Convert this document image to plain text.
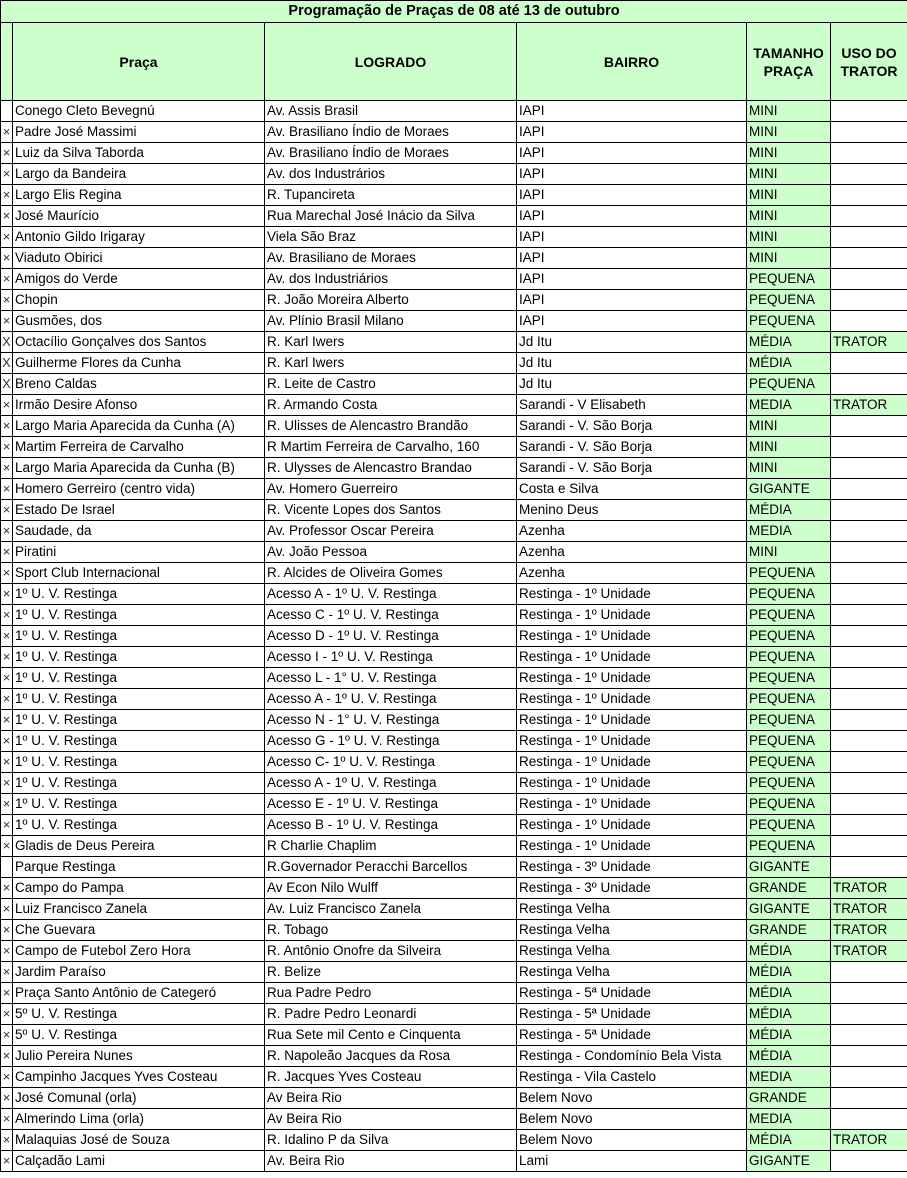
Programação de Praças de 08 até 13 de outubro					
	Praça	LOGRADO	BAIRRO	TAMANHO PRAÇA	USO DO TRATOR
	Conego Cleto Bevegnú	Av. Assis Brasil	IAPI	MINI	
×	Padre José Massimi	Av. Brasiliano Índio de Moraes	IAPI	MINI	
×	Luiz da Silva Taborda	Av. Brasiliano Índio de Moraes	IAPI	MINI	
×	Largo da Bandeira	Av. dos Industrários	IAPI	MINI	
×	Largo Elis Regina	R. Tupancireta	IAPI	MINI	
×	José Maurício	Rua Marechal José Inácio da Silva	IAPI	MINI	
×	Antonio Gildo Irigaray	Viela São Braz	IAPI	MINI	
×	Viaduto Obirici	Av. Brasiliano de Moraes	IAPI	MINI	
×	Amigos do Verde	Av. dos Industriários	IAPI	PEQUENA	
×	Chopin	R. João Moreira Alberto	IAPI	PEQUENA	
×	Gusmões, dos	Av. Plínio Brasil Milano	IAPI	PEQUENA	
X	Octacílio Gonçalves dos Santos	R. Karl Iwers	Jd Itu	MÉDIA	TRATOR
X	Guilherme Flores da Cunha	R. Karl Iwers	Jd Itu	MÉDIA	
X	Breno Caldas	R. Leite de Castro	Jd Itu	PEQUENA	
×	Irmão Desire Afonso	R. Armando Costa	Sarandi - V Elisabeth	MEDIA	TRATOR
×	Largo Maria Aparecida da Cunha (A)	R. Ulisses de Alencastro Brandão	Sarandi - V. São Borja	MINI	
×	Martim Ferreira de Carvalho	R Martim Ferreira de Carvalho, 160	Sarandi - V. São Borja	MINI	
×	Largo Maria Aparecida da Cunha (B)	R. Ulysses de Alencastro Brandao	Sarandi - V. São Borja	MINI	
×	Homero Gerreiro (centro vida)	Av. Homero Guerreiro	Costa e Silva	GIGANTE	
×	Estado De Israel	R. Vicente Lopes dos Santos	Menino Deus	MÉDIA	
×	Saudade, da	Av. Professor Oscar Pereira	Azenha	MEDIA	
×	Piratini	Av. João Pessoa	Azenha	MINI	
×	Sport Club Internacional	R. Alcides de Oliveira Gomes	Azenha	PEQUENA	
×	1º U. V. Restinga	Acesso A - 1º U. V. Restinga	Restinga - 1º Unidade	PEQUENA	
×	1º U. V. Restinga	Acesso C - 1º U. V. Restinga	Restinga - 1º Unidade	PEQUENA	
×	1º U. V. Restinga	Acesso D - 1º U. V. Restinga	Restinga - 1º Unidade	PEQUENA	
×	1º U. V. Restinga	Acesso I - 1º U. V. Restinga	Restinga - 1º Unidade	PEQUENA	
×	1º U. V. Restinga	Acesso L - 1° U. V. Restinga	Restinga - 1º Unidade	PEQUENA	
×	1º U. V. Restinga	Acesso A - 1º U. V. Restinga	Restinga - 1º Unidade	PEQUENA	
×	1º U. V. Restinga	Acesso N - 1° U. V. Restinga	Restinga - 1º Unidade	PEQUENA	
×	1º U. V. Restinga	Acesso G - 1º U. V. Restinga	Restinga - 1º Unidade	PEQUENA	
×	1º U. V. Restinga	Acesso C- 1º U. V. Restinga	Restinga - 1º Unidade	PEQUENA	
×	1º U. V. Restinga	Acesso A - 1º U. V. Restinga	Restinga - 1º Unidade	PEQUENA	
×	1º U. V. Restinga	Acesso E - 1º U. V. Restinga	Restinga - 1º Unidade	PEQUENA	
×	1º U. V. Restinga	Acesso B - 1º U. V. Restinga	Restinga - 1º Unidade	PEQUENA	
×	Gladis de Deus Pereira	R Charlie Chaplim	Restinga - 1º Unidade	PEQUENA	
	Parque Restinga	R.Governador Peracchi Barcellos	Restinga - 3º Unidade	GIGANTE	
×	Campo do Pampa	Av Econ Nilo Wulff	Restinga - 3º Unidade	GRANDE	TRATOR
×	Luiz Francisco Zanela	Av. Luiz Francisco Zanela	Restinga Velha	GIGANTE	TRATOR
×	Che Guevara	R. Tobago	Restinga Velha	GRANDE	TRATOR
×	Campo de Futebol Zero Hora	R. Antônio Onofre da Silveira	Restinga Velha	MÉDIA	TRATOR
×	Jardim Paraíso	R. Belize	Restinga Velha	MÉDIA	
×	Praça Santo Antônio de Categeró	Rua Padre Pedro	Restinga - 5ª Unidade	MÉDIA	
×	5º U. V. Restinga	R. Padre Pedro Leonardi	Restinga - 5ª Unidade	MÉDIA	
×	5º U. V. Restinga	Rua Sete mil Cento e Cinquenta	Restinga - 5ª Unidade	MÉDIA	
×	Julio Pereira Nunes	R. Napoleão Jacques da Rosa	Restinga - Condomínio Bela Vista	MÉDIA	
×	Campinho Jacques Yves Costeau	R. Jacques Yves Costeau	Restinga - Vila Castelo	MEDIA	
×	José Comunal (orla)	Av Beira Rio	Belem Novo	GRANDE	
×	Almerindo Lima (orla)	Av Beira Rio	Belem Novo	MEDIA	
×	Malaquias José de Souza	R. Idalino P da Silva	Belem Novo	MÉDIA	TRATOR
×	Calçadão Lami	Av. Beira Rio	Lami	GIGANTE	
